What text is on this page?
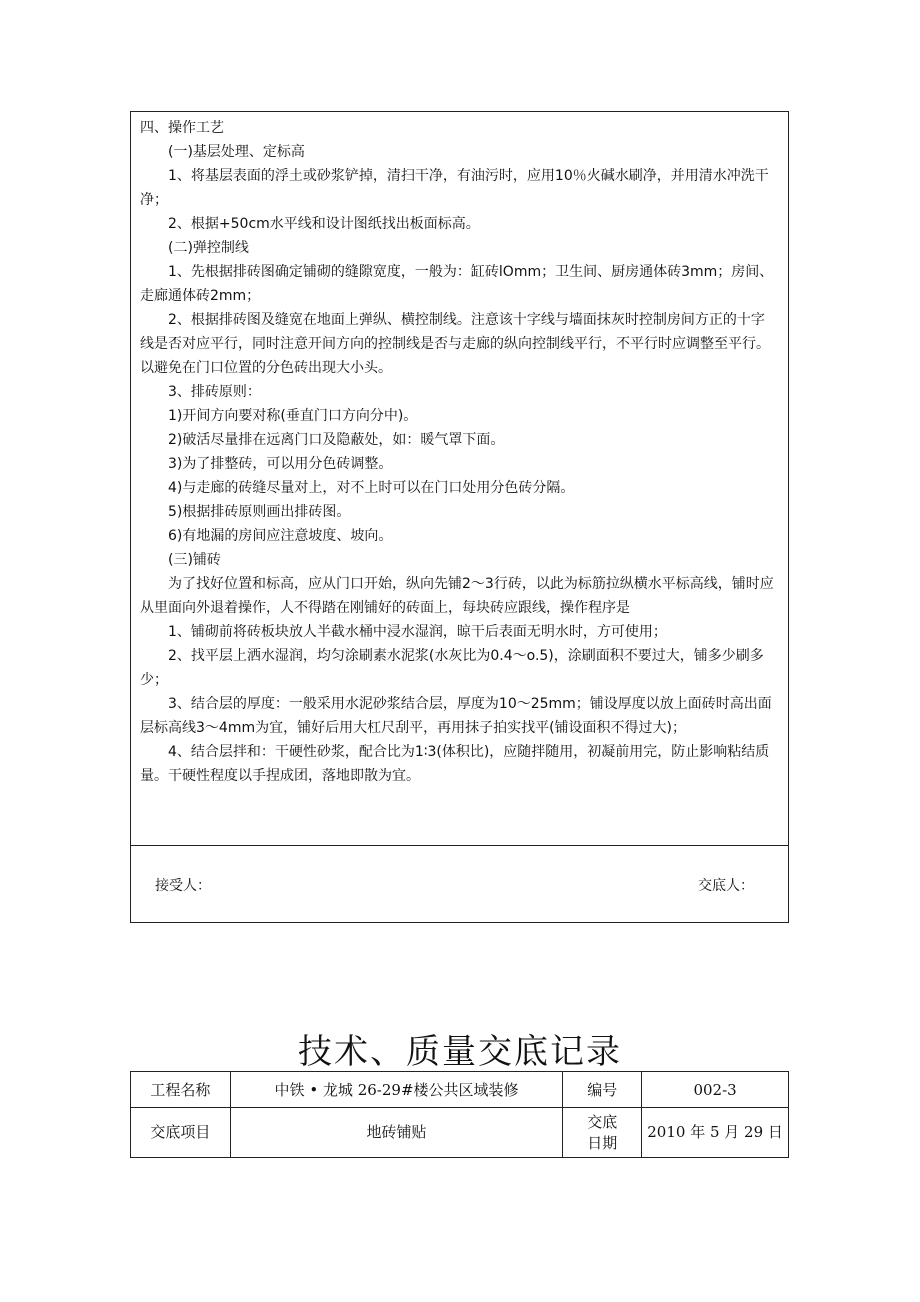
四、操作工艺

　　(一)基层处理、定标高

　　1、将基层表面的浮土或砂浆铲掉，清扫干净，有油污时，应用10％火碱水刷净，并用清水冲洗干净；

　　2、根据+50cm水平线和设计图纸找出板面标高。

　　(二)弹控制线

　　1、先根据排砖图确定铺砌的缝隙宽度，一般为：缸砖lOmm；卫生间、厨房通体砖3mm；房间、走廊通体砖2mm；

　　2、根据排砖图及缝宽在地面上弹纵、横控制线。注意该十字线与墙面抹灰时控制房间方正的十字线是否对应平行，同时注意开间方向的控制线是否与走廊的纵向控制线平行，不平行时应调整至平行。以避免在门口位置的分色砖出现大小头。

　　3、排砖原则：

　　1)开间方向要对称(垂直门口方向分中)。

　　2)破活尽量排在远离门口及隐蔽处，如：暖气罩下面。

　　3)为了排整砖，可以用分色砖调整。

　　4)与走廊的砖缝尽量对上，对不上时可以在门口处用分色砖分隔。

　　5)根据排砖原则画出排砖图。

　　6)有地漏的房间应注意坡度、坡向。

　　(三)铺砖

　　为了找好位置和标高，应从门口开始，纵向先铺2～3行砖，以此为标筋拉纵横水平标高线，铺时应从里面向外退着操作，人不得踏在刚铺好的砖面上，每块砖应跟线，操作程序是

　　1、铺砌前将砖板块放人半截水桶中浸水湿润，晾干后表面无明水时，方可使用；

　　2、找平层上洒水湿润，均匀涂刷素水泥浆(水灰比为0.4～o.5)，涂刷面积不要过大，铺多少刷多少；

　　3、结合层的厚度：一般采用水泥砂浆结合层，厚度为10～25mm；铺设厚度以放上面砖时高出面层标高线3～4mm为宜，铺好后用大杠尺刮平，再用抹子拍实找平(铺设面积不得过大)；

　　4、结合层拌和：干硬性砂浆，配合比为1∶3(体积比)，应随拌随用，初凝前用完，防止影响粘结质量。干硬性程度以手捏成团，落地即散为宜。

接受人：	交底人：
技术、质量交底记录
工程名称	中铁 • 龙城 26-29#楼公共区域装修	编号	002-3
交底项目	地砖铺贴	交底日期	2010 年 5 月 29 日
